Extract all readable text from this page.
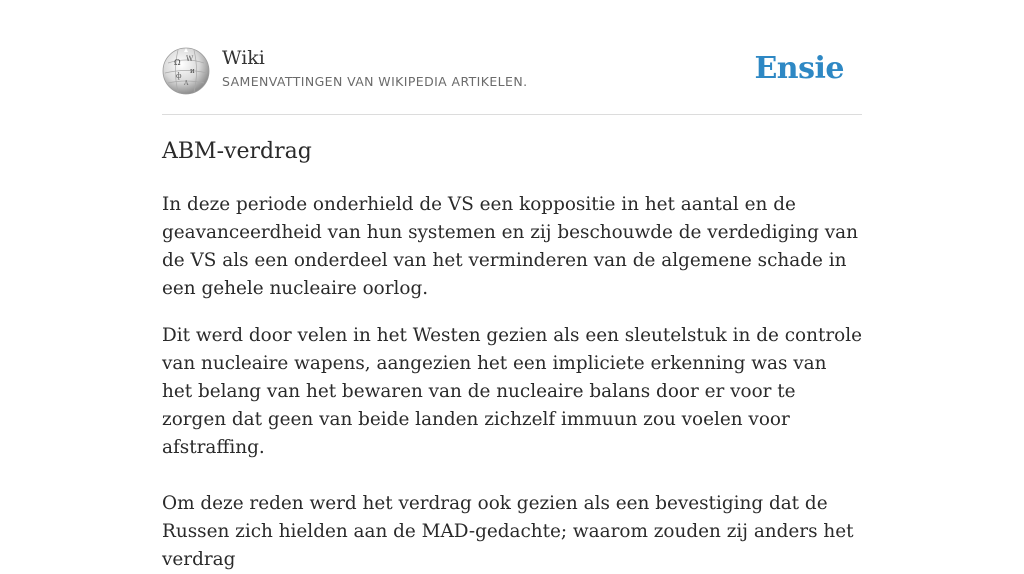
Ω W
и
ф
A
Wiki
SAMENVATTINGEN VAN WIKIPEDIA ARTIKELEN.	Ensie
ABM-verdrag

In deze periode onderhield de VS een koppositie in het aantal en de geavanceerdheid van hun systemen en zij beschouwde de verdediging van de VS als een onderdeel van het verminderen van de algemene schade in een gehele nucleaire oorlog.

Dit werd door velen in het Westen gezien als een sleutelstuk in de controle van nucleaire wapens, aangezien het een impliciete erkenning was van het belang van het bewaren van de nucleaire balans door er voor te zorgen dat geen van beide landen zichzelf immuun zou voelen voor afstraffing.

Om deze reden werd het verdrag ook gezien als een bevestiging dat de Russen zich hielden aan de MAD-gedachte; waarom zouden zij anders het verdrag
